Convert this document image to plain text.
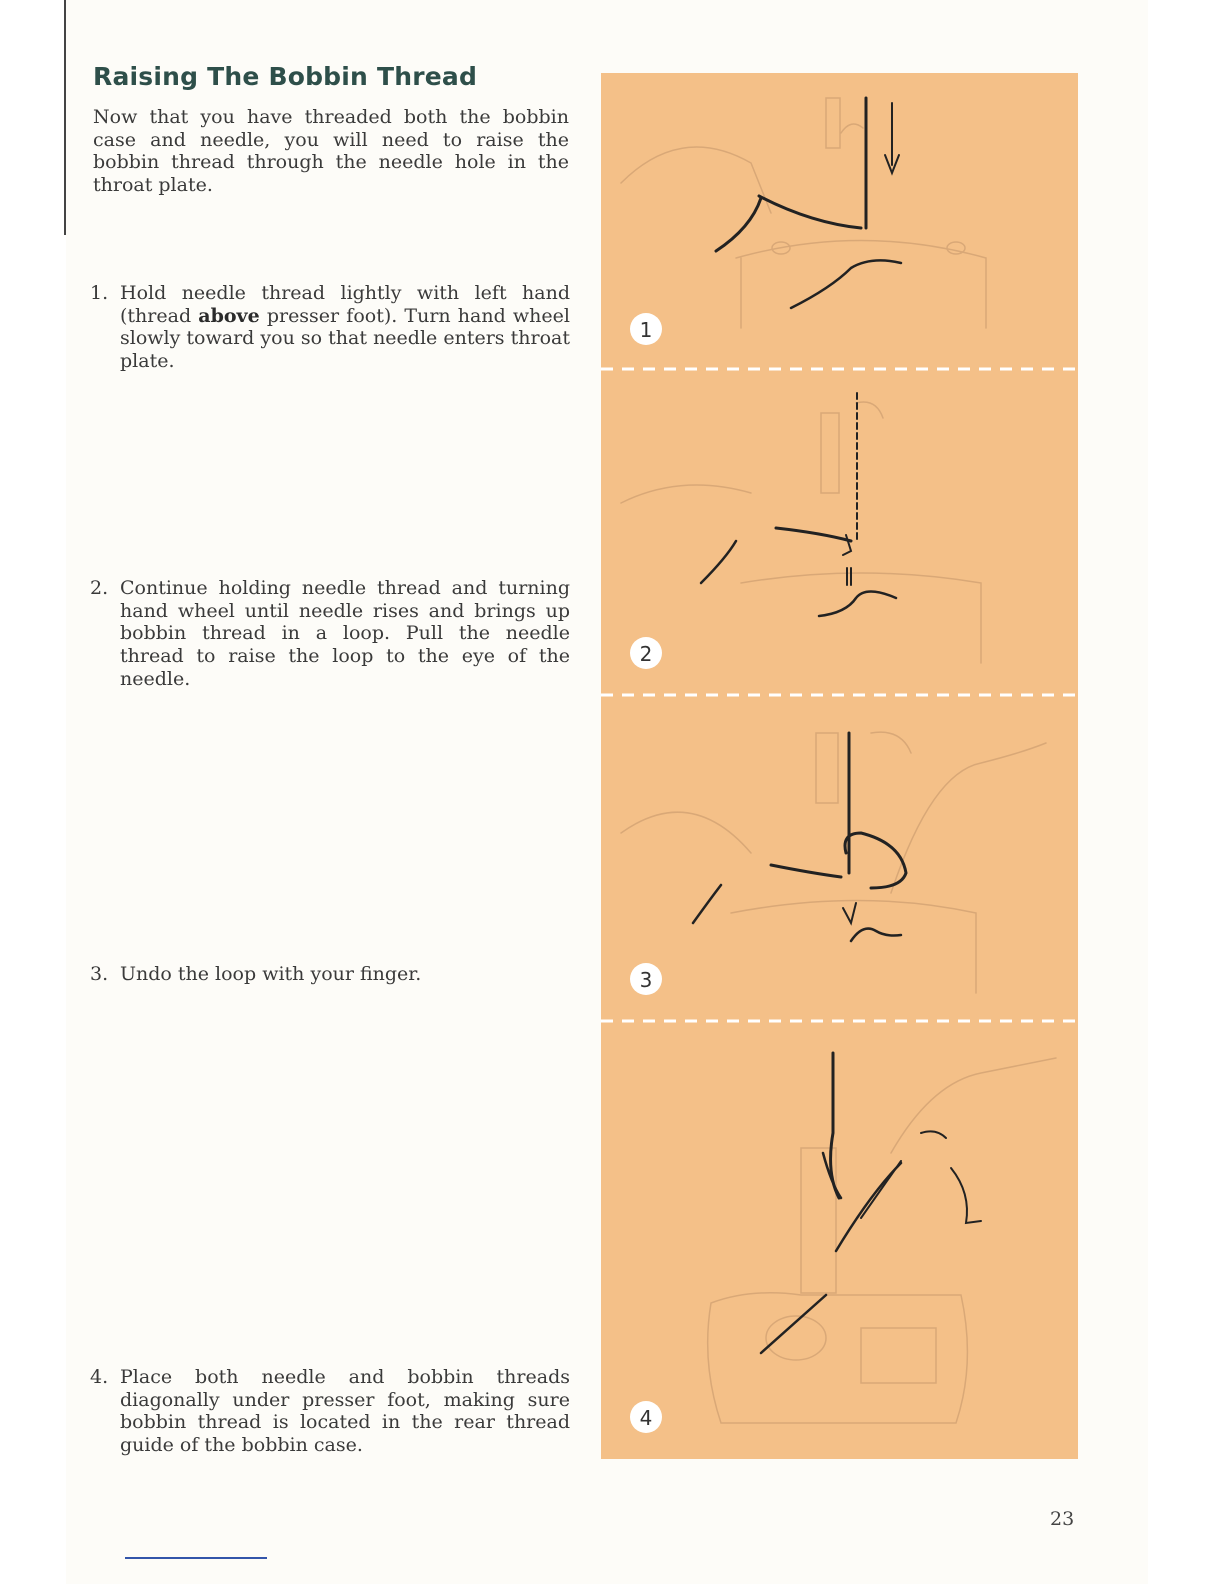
Raising The Bobbin Thread

Now that you have threaded both the bobbin case and needle, you will need to raise the bobbin thread through the needle hole in the throat plate.

1. Hold needle thread lightly with left hand (thread above presser foot). Turn hand wheel slowly toward you so that needle enters throat plate.
2. Continue holding needle thread and turning hand wheel until needle rises and brings up bobbin thread in a loop. Pull the needle thread to raise the loop to the eye of the needle.
3. Undo the loop with your finger.
4. Place both needle and bobbin threads diagonally under presser foot, making sure bobbin thread is located in the rear thread guide of the bobbin case.
1
2
3
4
23
